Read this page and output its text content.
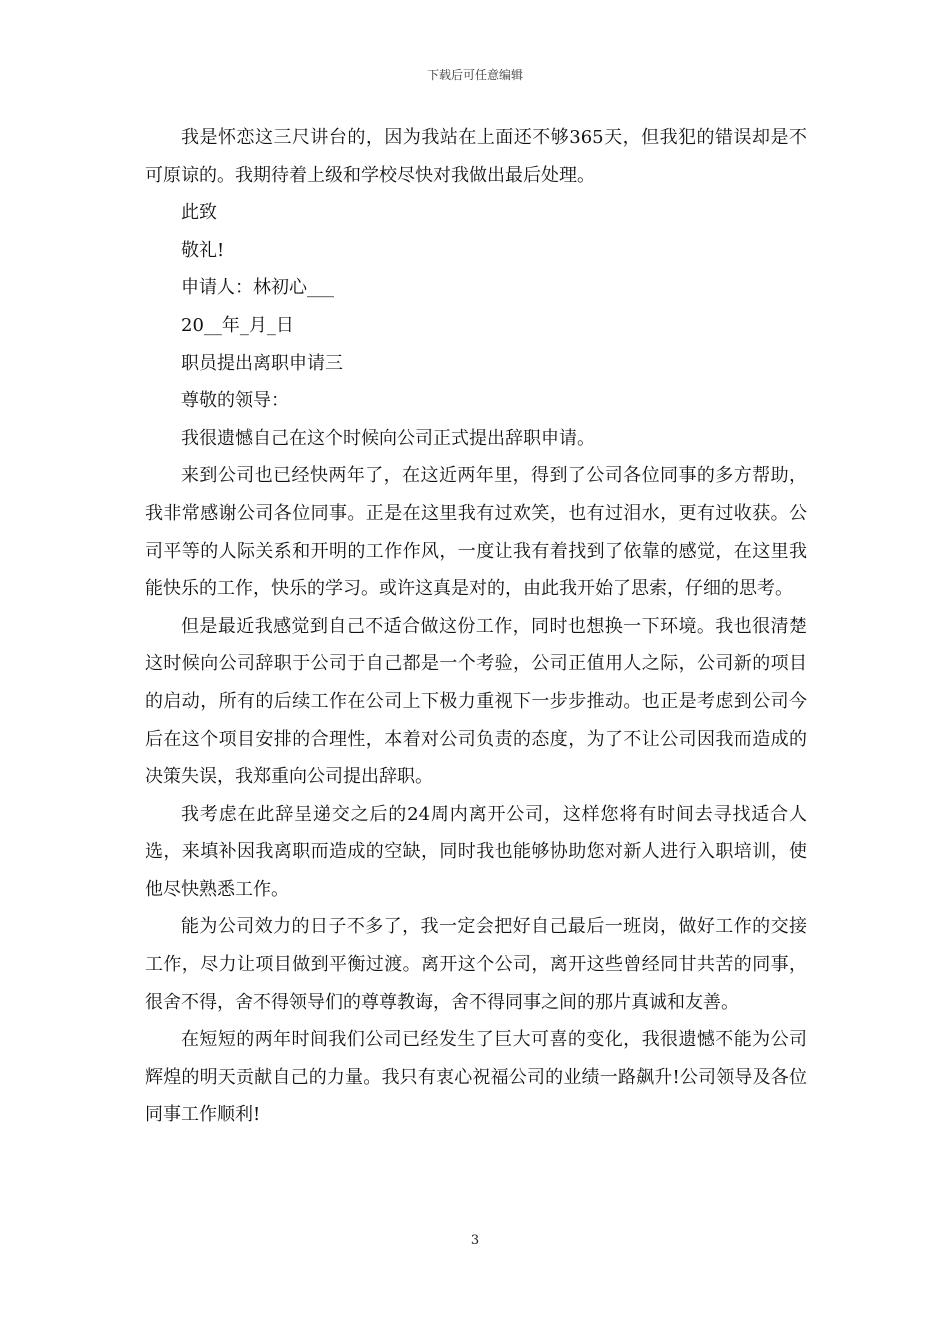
下载后可任意编辑

我是怀恋这三尺讲台的，因为我站在上面还不够365天，但我犯的错误却是不可原谅的。我期待着上级和学校尽快对我做出最后处理。

此致

敬礼!

申请人：林初心___

20__年_月_日

职员提出离职申请三

尊敬的领导：

我很遗憾自己在这个时候向公司正式提出辞职申请。

来到公司也已经快两年了，在这近两年里，得到了公司各位同事的多方帮助，我非常感谢公司各位同事。正是在这里我有过欢笑，也有过泪水，更有过收获。公司平等的人际关系和开明的工作作风，一度让我有着找到了依靠的感觉，在这里我能快乐的工作，快乐的学习。或许这真是对的，由此我开始了思索，仔细的思考。

但是最近我感觉到自己不适合做这份工作，同时也想换一下环境。我也很清楚这时候向公司辞职于公司于自己都是一个考验，公司正值用人之际，公司新的项目的启动，所有的后续工作在公司上下极力重视下一步步推动。也正是考虑到公司今后在这个项目安排的合理性，本着对公司负责的态度，为了不让公司因我而造成的决策失误，我郑重向公司提出辞职。

我考虑在此辞呈递交之后的24周内离开公司，这样您将有时间去寻找适合人选，来填补因我离职而造成的空缺，同时我也能够协助您对新人进行入职培训，使他尽快熟悉工作。

能为公司效力的日子不多了，我一定会把好自己最后一班岗，做好工作的交接工作，尽力让项目做到平衡过渡。离开这个公司，离开这些曾经同甘共苦的同事，很舍不得，舍不得领导们的尊尊教诲，舍不得同事之间的那片真诚和友善。

在短短的两年时间我们公司已经发生了巨大可喜的变化，我很遗憾不能为公司辉煌的明天贡献自己的力量。我只有衷心祝福公司的业绩一路飙升!公司领导及各位同事工作顺利!

3
